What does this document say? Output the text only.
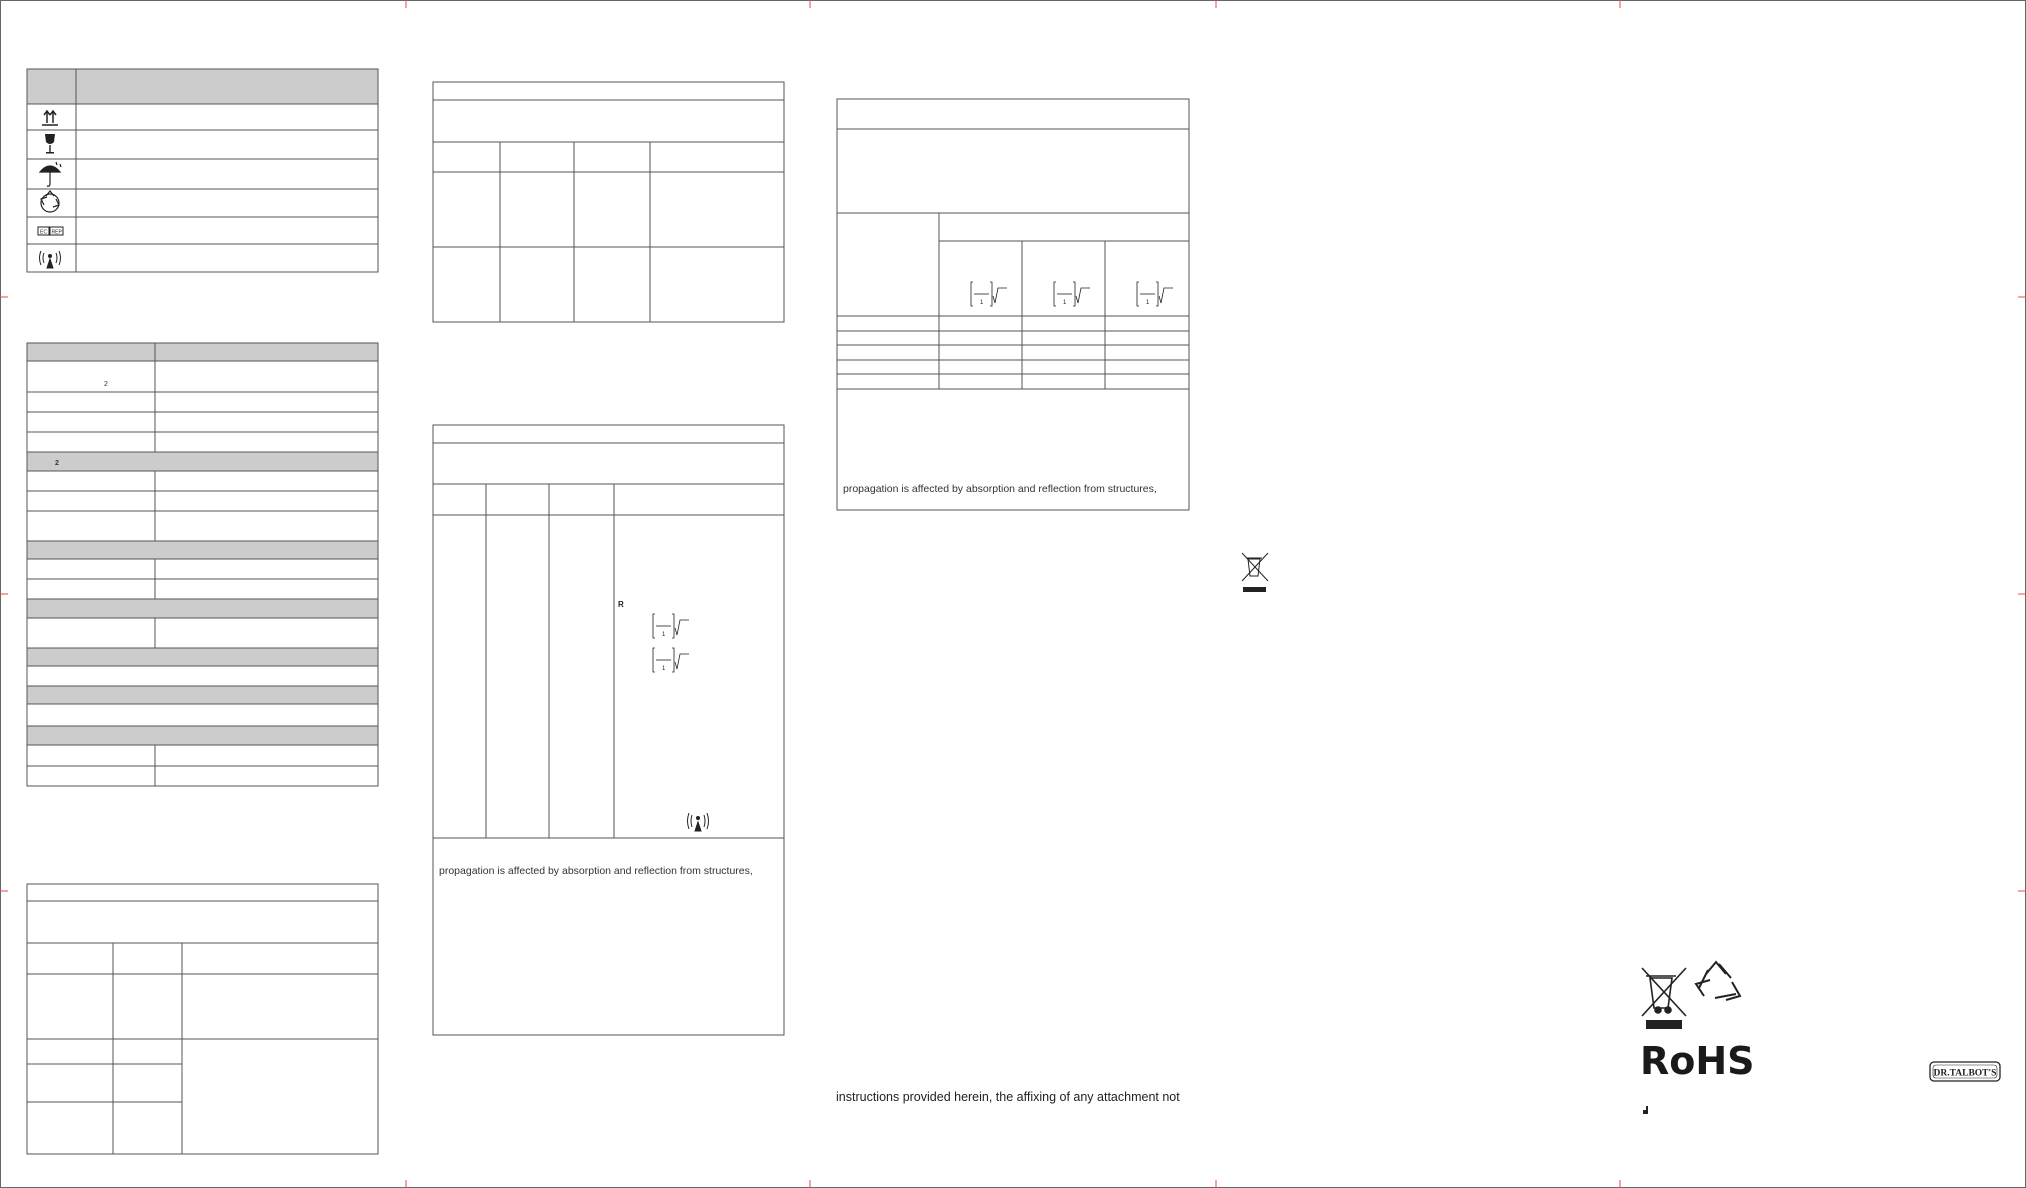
EC REP
2
2
R
1
1
propagation is affected by absorption and reflection from structures,
1	1	1
propagation is affected by absorption and reflection from structures,
instructions provided herein, the affixing of any attachment not
RoHS	DR.TALBOT'S
